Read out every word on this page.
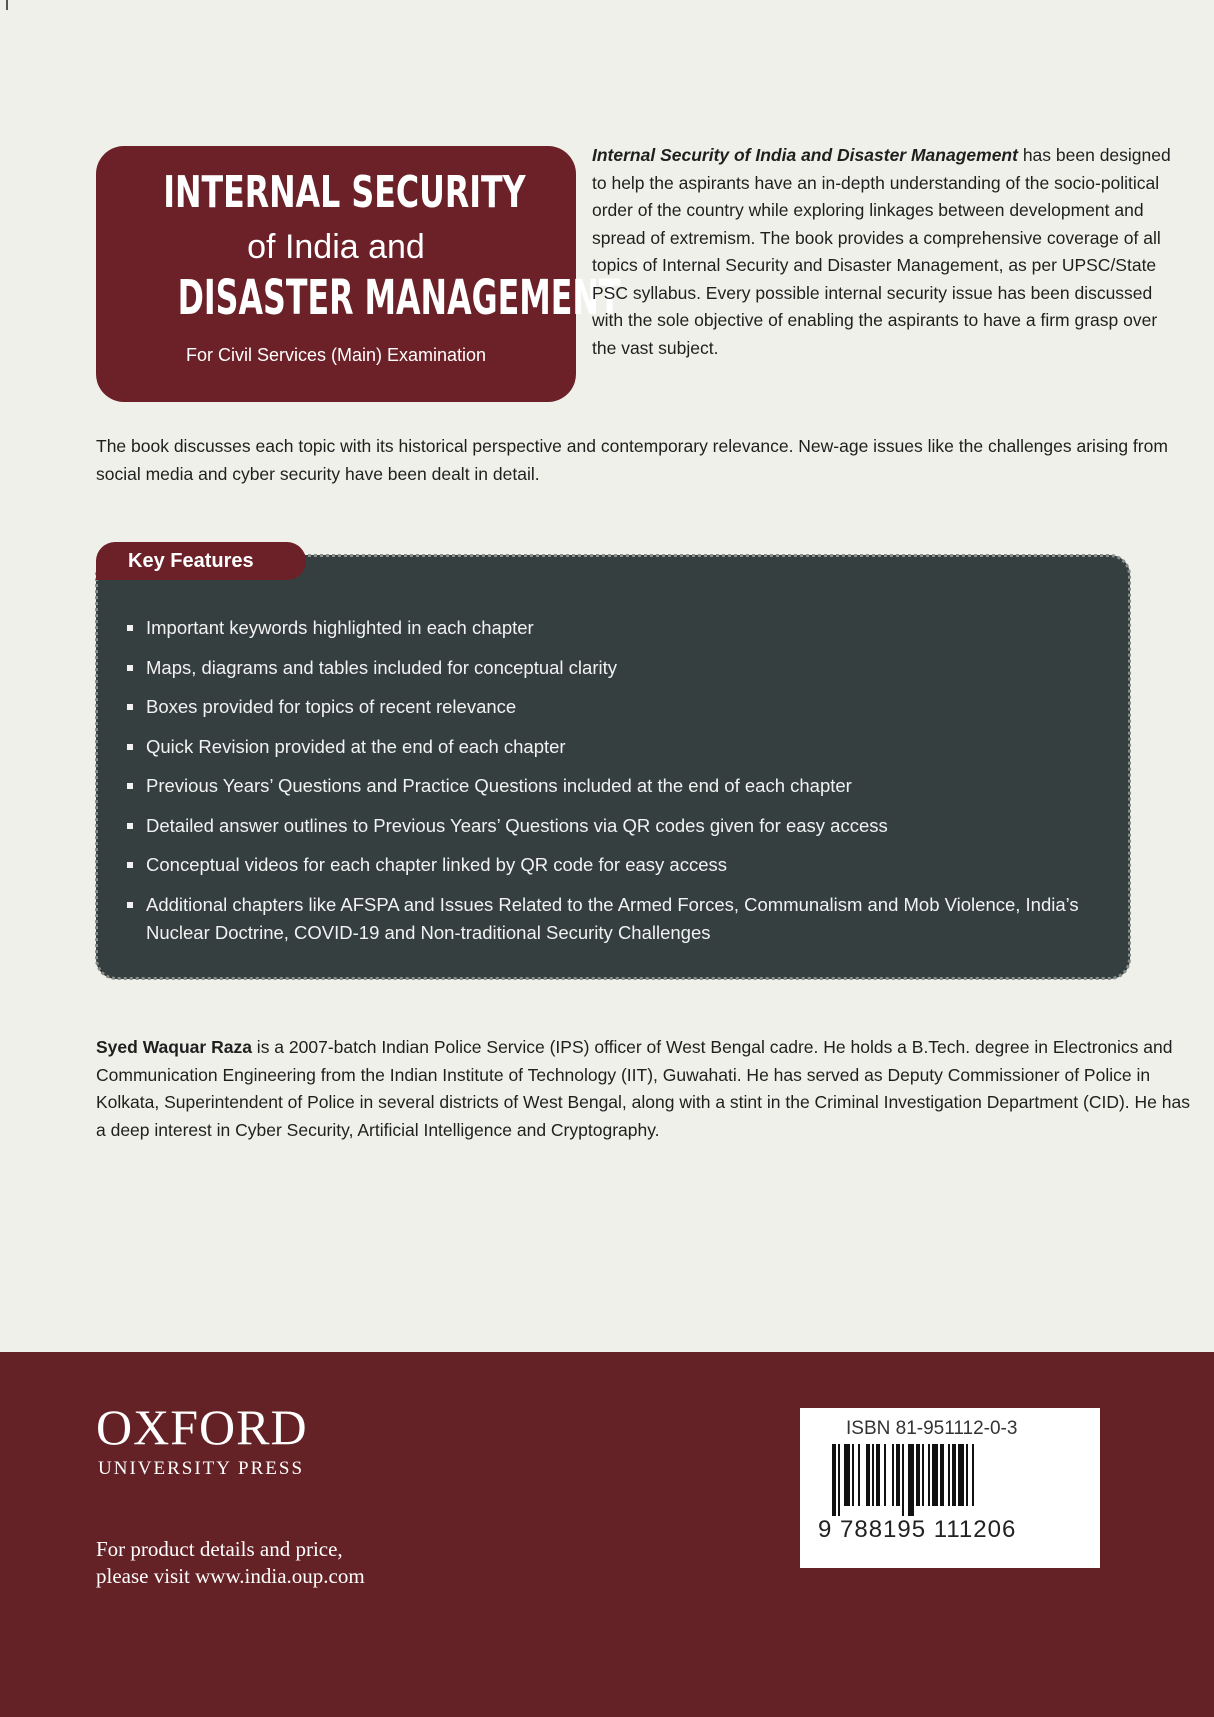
INTERNAL SECURITY
of India and
DISASTER MANAGEMENT
For Civil Services (Main) Examination
Internal Security of India and Disaster Management has been designed to help the aspirants have an in-depth understanding of the socio-political order of the country while exploring linkages between development and spread of extremism. The book provides a comprehensive coverage of all topics of Internal Security and Disaster Management, as per UPSC/State PSC syllabus. Every possible internal security issue has been discussed with the sole objective of enabling the aspirants to have a firm grasp over the vast subject.
The book discusses each topic with its historical perspective and contemporary relevance. New-age issues like the challenges arising from social media and cyber security have been dealt in detail.
Key Features
Important keywords highlighted in each chapter
Maps, diagrams and tables included for conceptual clarity
Boxes provided for topics of recent relevance
Quick Revision provided at the end of each chapter
Previous Years’ Questions and Practice Questions included at the end of each chapter
Detailed answer outlines to Previous Years’ Questions via QR codes given for easy access
Conceptual videos for each chapter linked by QR code for easy access
Additional chapters like AFSPA and Issues Related to the Armed Forces, Communalism and Mob Violence, India’s Nuclear Doctrine, COVID-19 and Non-traditional Security Challenges
Syed Waquar Raza is a 2007-batch Indian Police Service (IPS) officer of West Bengal cadre. He holds a B.Tech. degree in Electronics and Communication Engineering from the Indian Institute of Technology (IIT), Guwahati. He has served as Deputy Commissioner of Police in Kolkata, Superintendent of Police in several districts of West Bengal, along with a stint in the Criminal Investigation Department (CID). He has a deep interest in Cyber Security, Artificial Intelligence and Cryptography.
OXFORD
UNIVERSITY PRESS
For product details and price,
please visit www.india.oup.com
ISBN 81-951112-0-3
9 788195 111206
